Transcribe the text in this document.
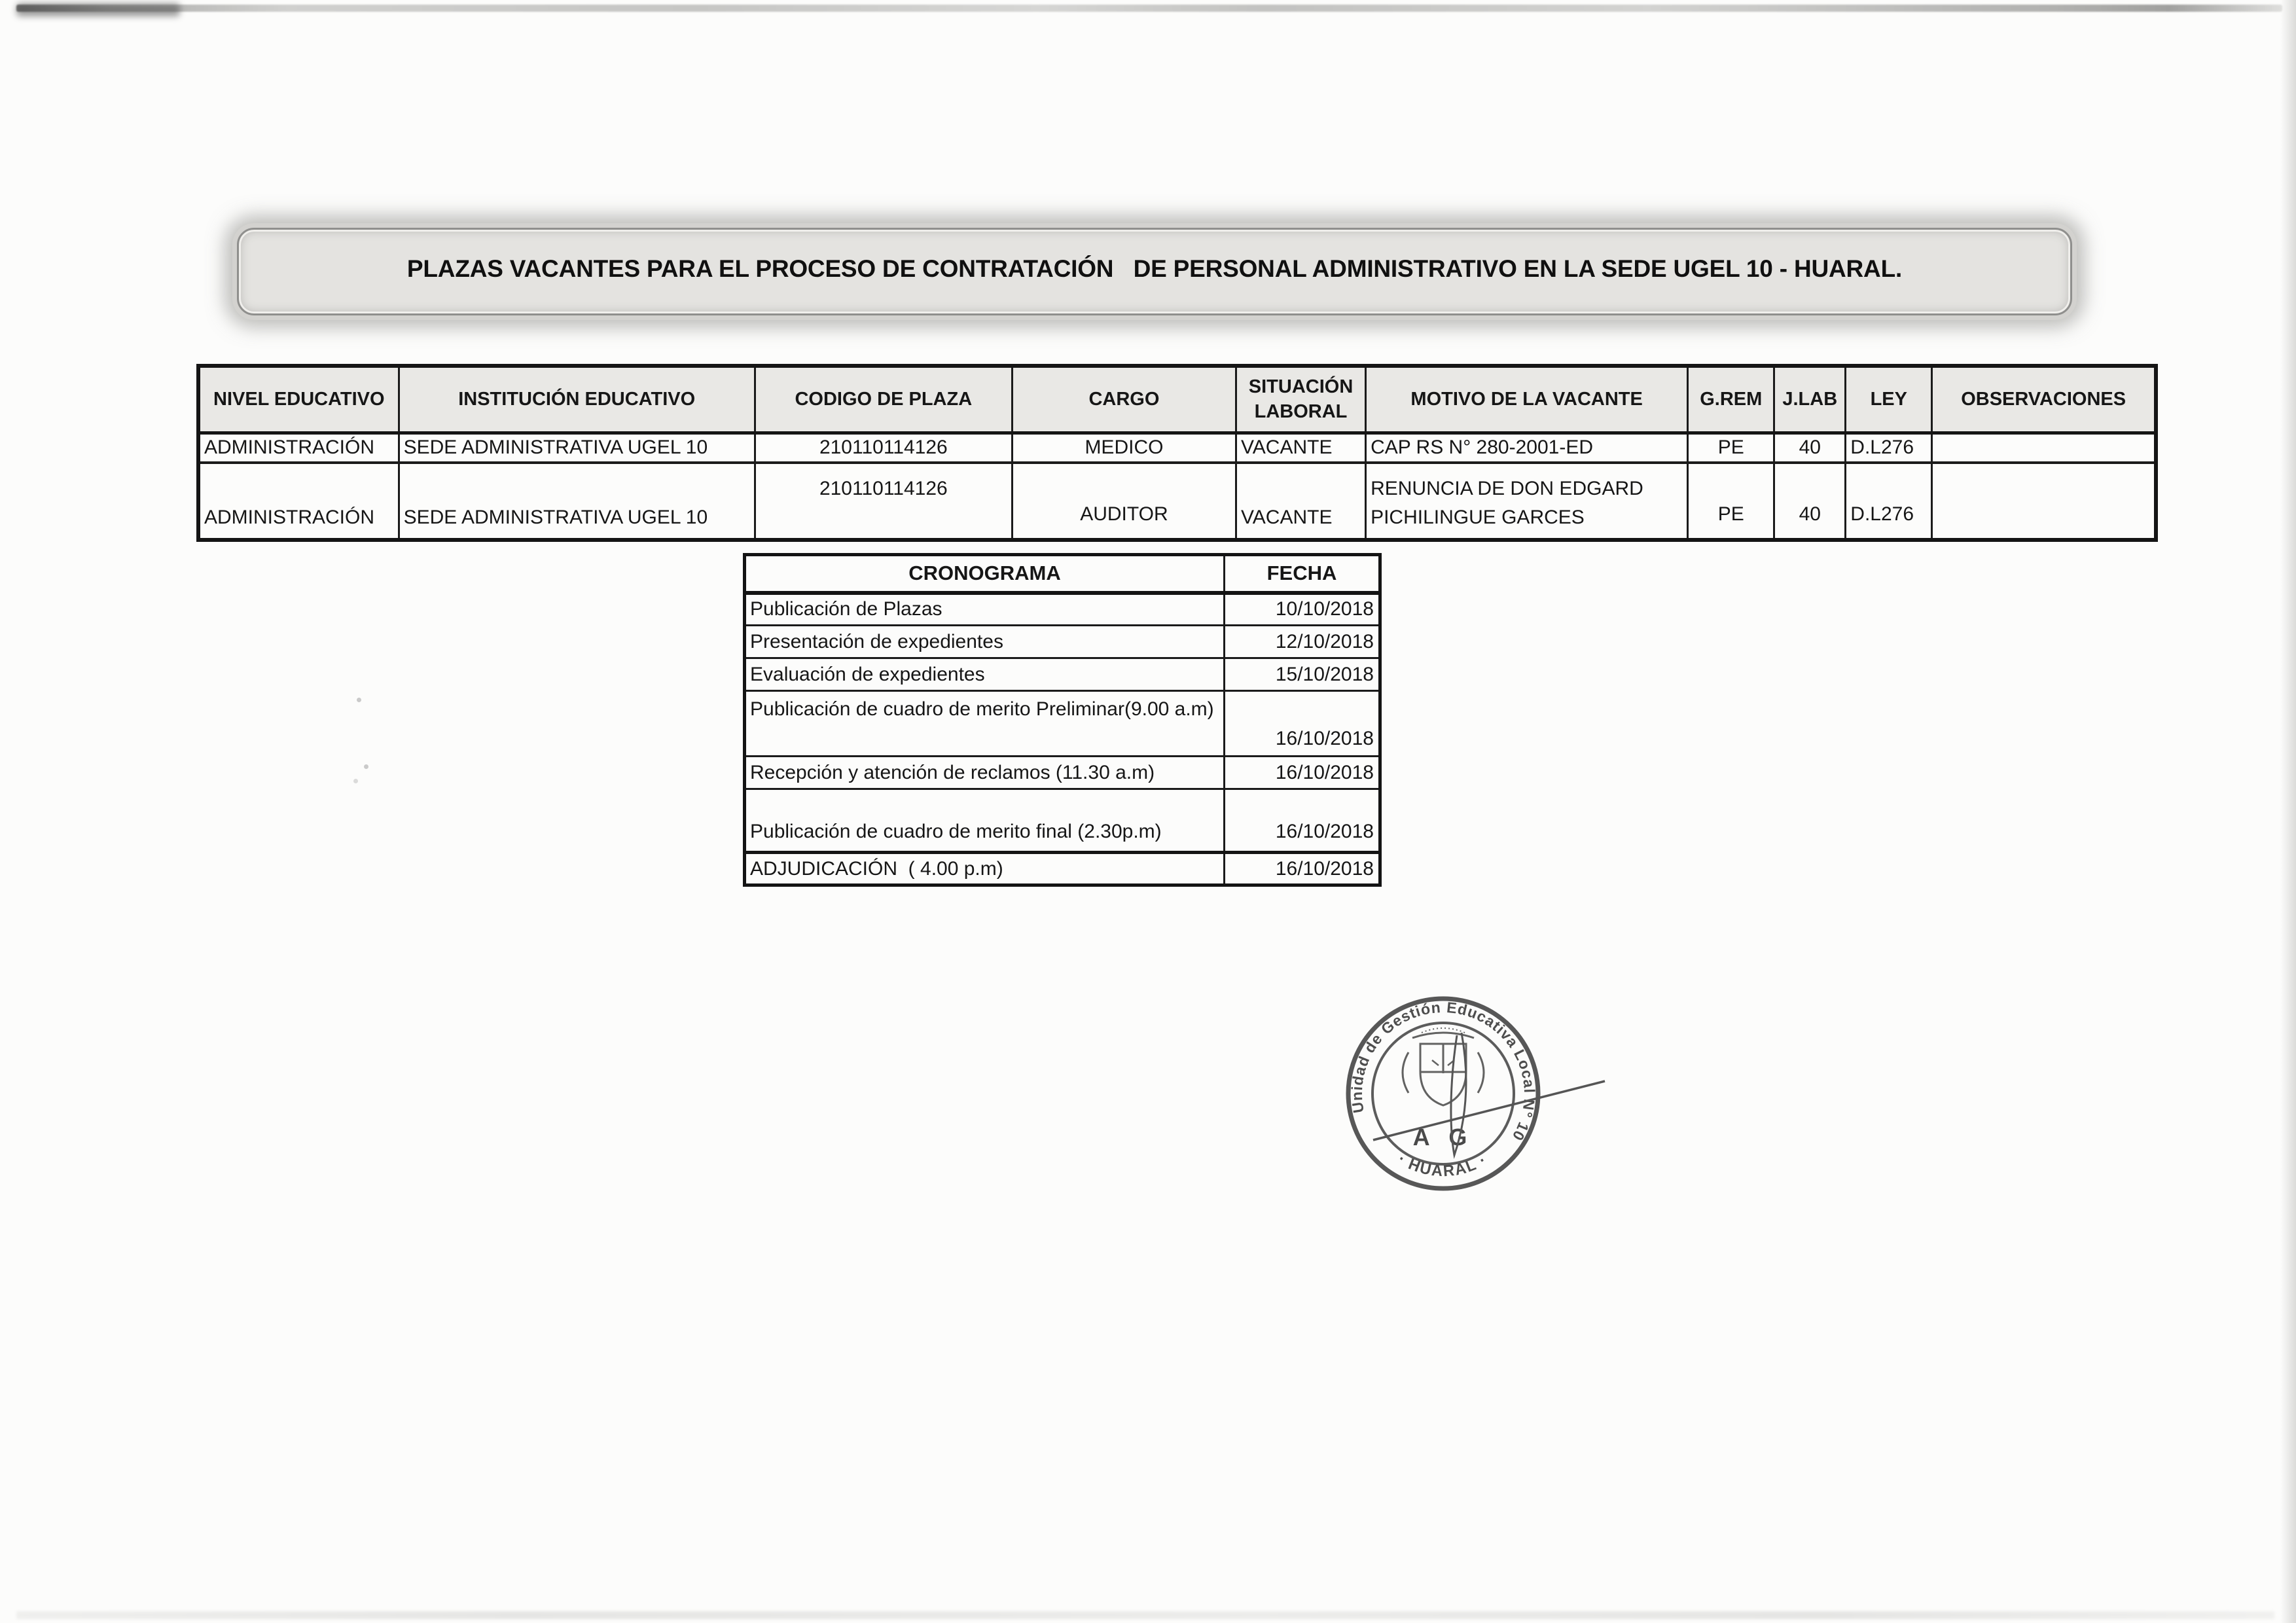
PLAZAS VACANTES PARA EL PROCESO DE CONTRATACIÓN   DE PERSONAL ADMINISTRATIVO EN LA SEDE UGEL 10 - HUARAL.
NIVEL EDUCATIVO	INSTITUCIÓN EDUCATIVO	CODIGO DE PLAZA	CARGO	SITUACIÓN LABORAL	MOTIVO DE LA VACANTE	G.REM	J.LAB	LEY	OBSERVACIONES
ADMINISTRACIÓN	SEDE ADMINISTRATIVA UGEL 10	210110114126	MEDICO	VACANTE	CAP RS N° 280-2001-ED	PE	40	D.L276	
ADMINISTRACIÓN	SEDE ADMINISTRATIVA UGEL 10	210110114126	AUDITOR	VACANTE	RENUNCIA DE DON EDGARD PICHILINGUE GARCES	PE	40	D.L276	
CRONOGRAMA	FECHA
Publicación de Plazas	10/10/2018
Presentación de expedientes	12/10/2018
Evaluación de expedientes	15/10/2018
Publicación de cuadro de merito Preliminar(9.00 a.m)	16/10/2018
Recepción y atención de reclamos (11.30 a.m)	16/10/2018
Publicación de cuadro de merito final (2.30p.m)	16/10/2018
ADJUDICACIÓN  ( 4.00 p.m)	16/10/2018
Unidad de Gestión Educativa Local N° 10
· HUARAL ·
A G
